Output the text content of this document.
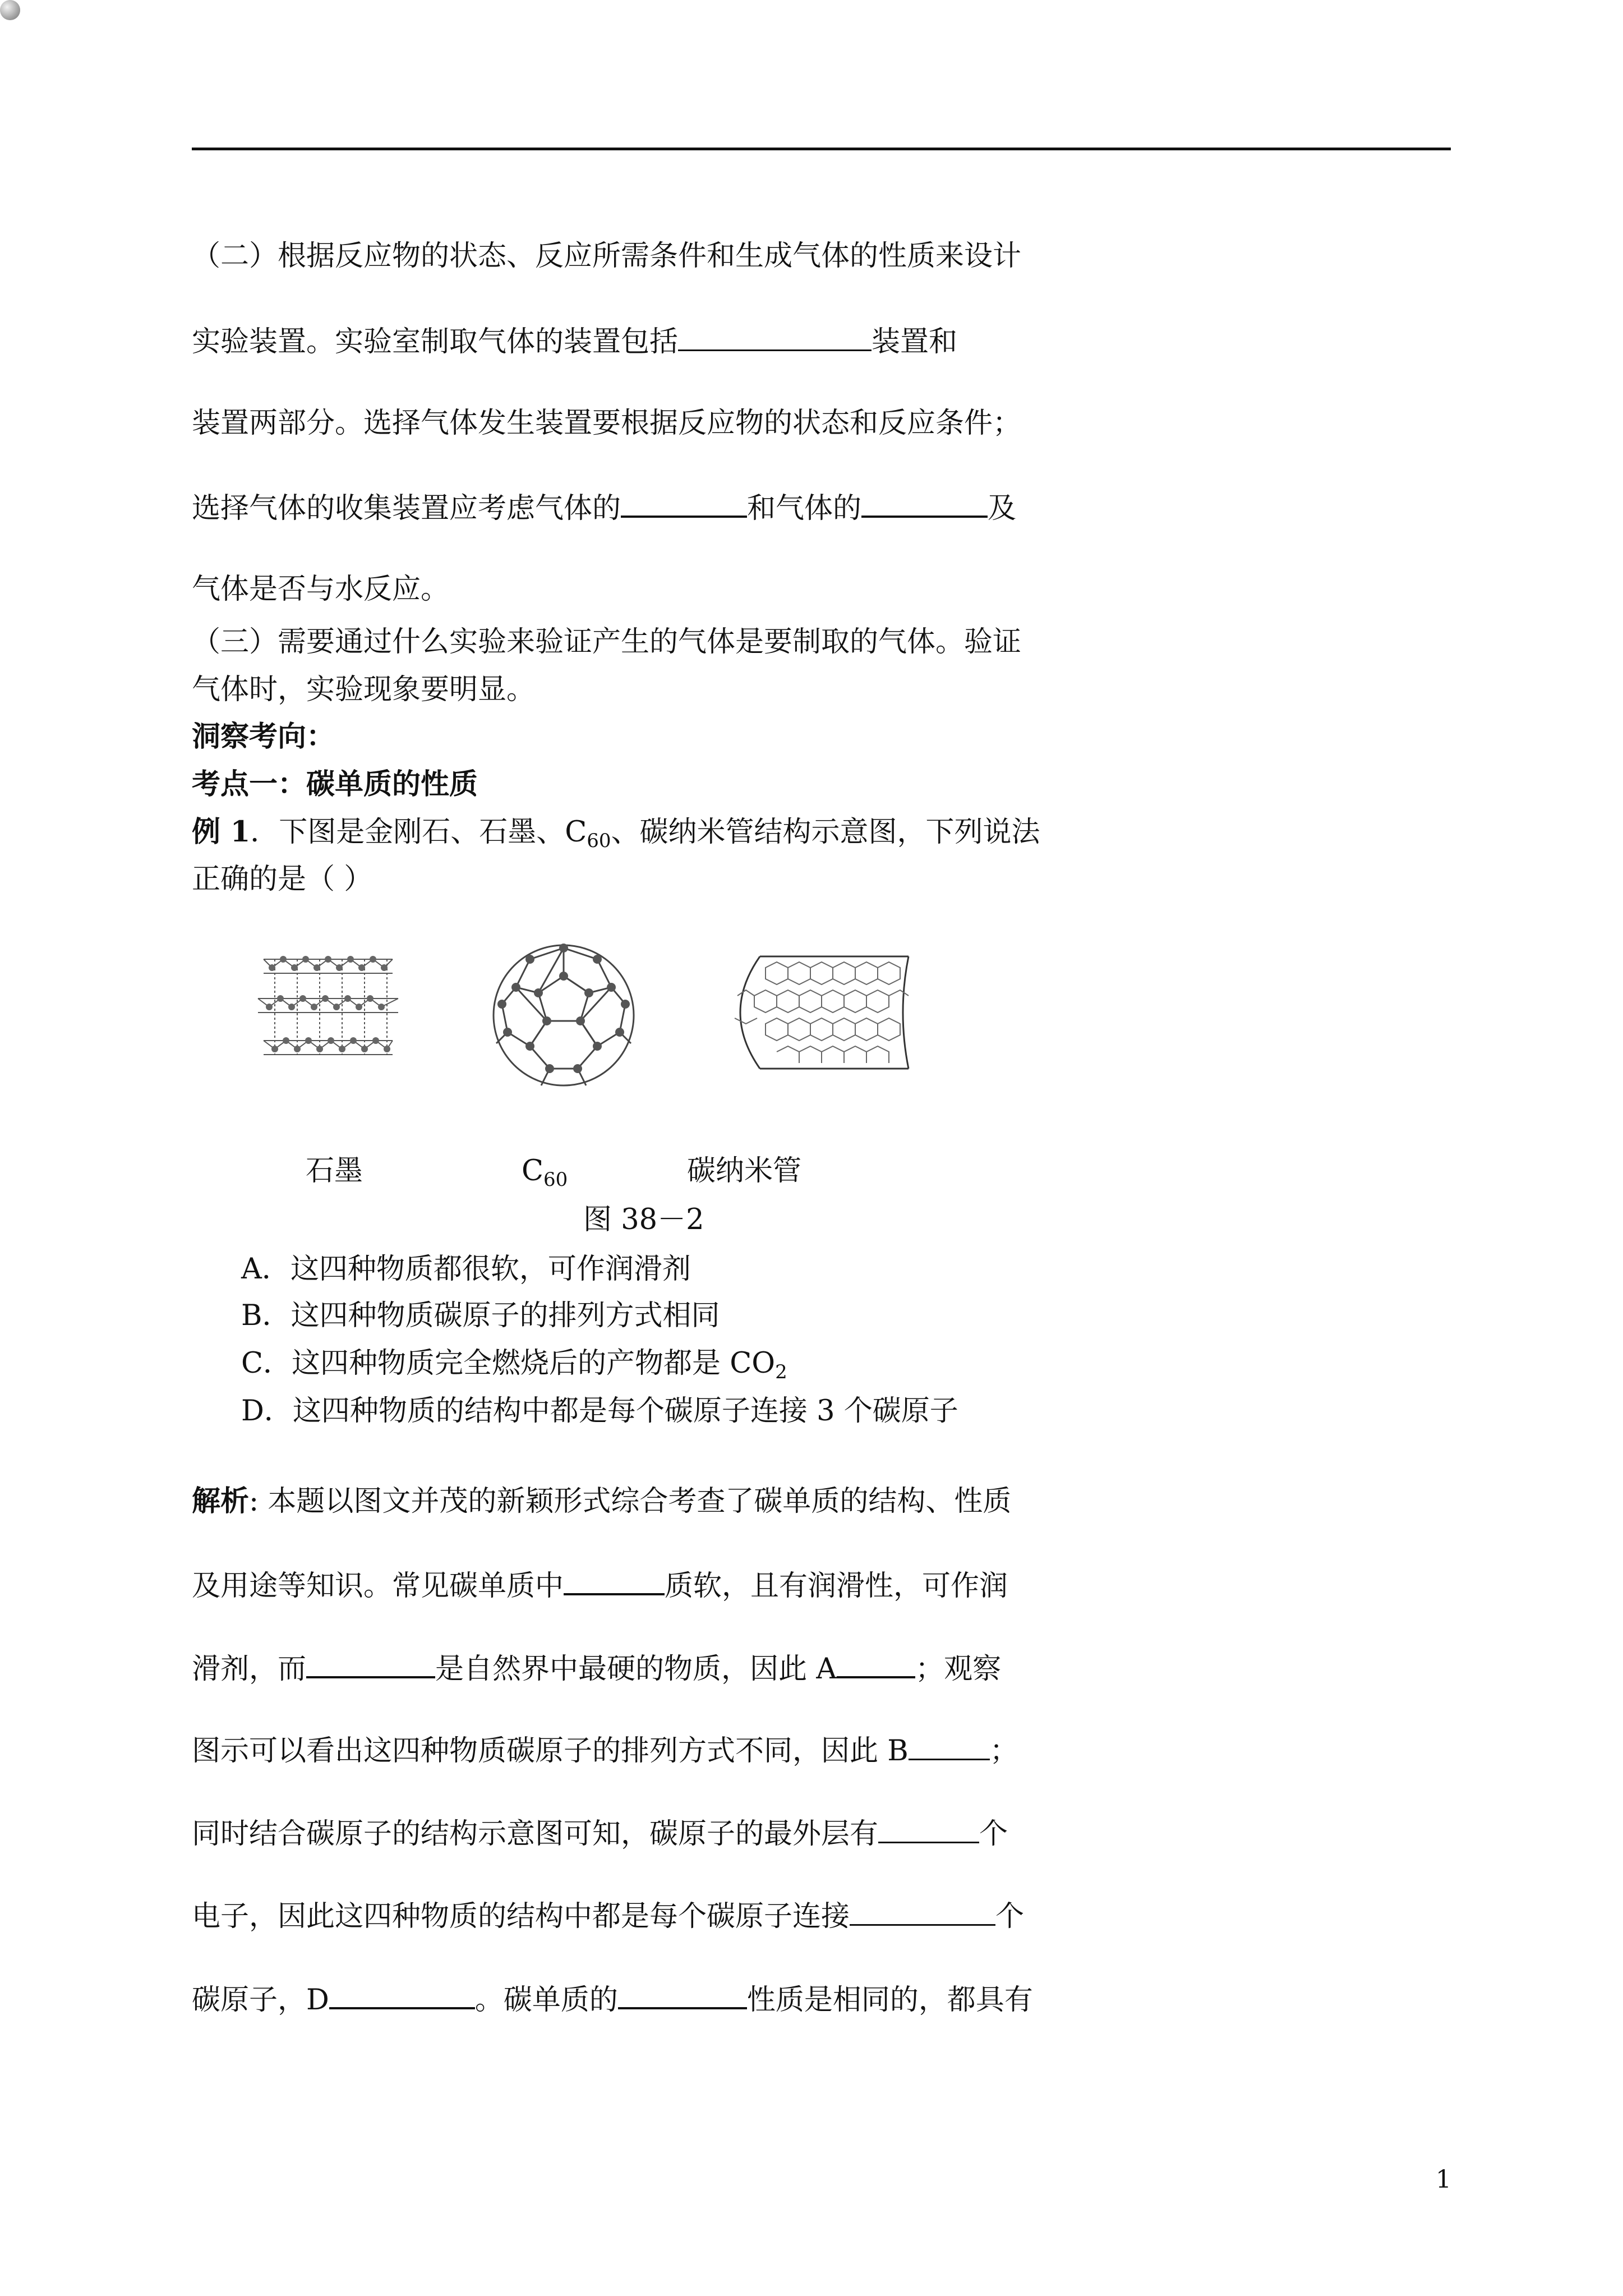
（二）根据反应物的状态、反应所需条件和生成气体的性质来设计
实验装置。实验室制取气体的装置包括	装置和
装置两部分。选择气体发生装置要根据反应物的状态和反应条件；
选择气体的收集装置应考虑气体的	和气体的	及
气体是否与水反应。
（三）需要通过什么实验来验证产生的气体是要制取的气体。验证
气体时，实验现象要明显。
洞察考向：
考点一：碳单质的性质
例 1．下图是金刚石、石墨、$C_{60}$、碳纳米管结构示意图，下列说法
正确的是（ ）
石墨	$C_{60}$	碳纳米管
图 38－2
A．这四种物质都很软，可作润滑剂
B．这四种物质碳原子的排列方式相同
C．这四种物质完全燃烧后的产物都是 $CO_2$
D．这四种物质的结构中都是每个碳原子连接 3 个碳原子
解析: 本题以图文并茂的新颖形式综合考查了碳单质的结构、性质
及用途等知识。常见碳单质中	质软，且有润滑性，可作润
滑剂，而	是自然界中最硬的物质，因此 A	；观察
图示可以看出这四种物质碳原子的排列方式不同，因此 B	；
同时结合碳原子的结构示意图可知，碳原子的最外层有	个
电子，因此这四种物质的结构中都是每个碳原子连接	个
碳原子，D	。碳单质的	性质是相同的，都具有
1
